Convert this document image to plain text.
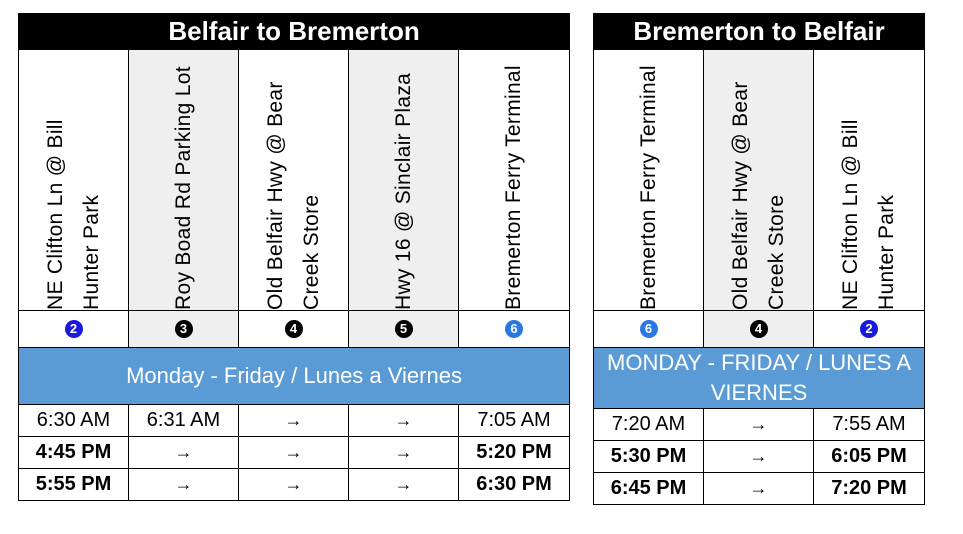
Belfair to Bremerton				

NE Clifton Ln @ Bill Hunter Park	Roy Boad Rd Parking Lot	Old Belfair Hwy @ Bear Creek Store	Hwy 16 @ Sinclair Plaza	Bremerton Ferry Terminal

2	3	4	5	6
Monday - Friday / Lunes a Viernes				
6:30 AM	6:31 AM	→	→	7:05 AM
4:45 PM	→	→	→	5:20 PM
5:55 PM	→	→	→	6:30 PM
Bremerton to Belfair		

Bremerton Ferry Terminal	Old Belfair Hwy @ Bear Creek Store	NE Clifton Ln @ Bill Hunter Park

6	4	2
MONDAY - FRIDAY / LUNES A VIERNES		
7:20 AM	→	7:55 AM
5:30 PM	→	6:05 PM
6:45 PM	→	7:20 PM
